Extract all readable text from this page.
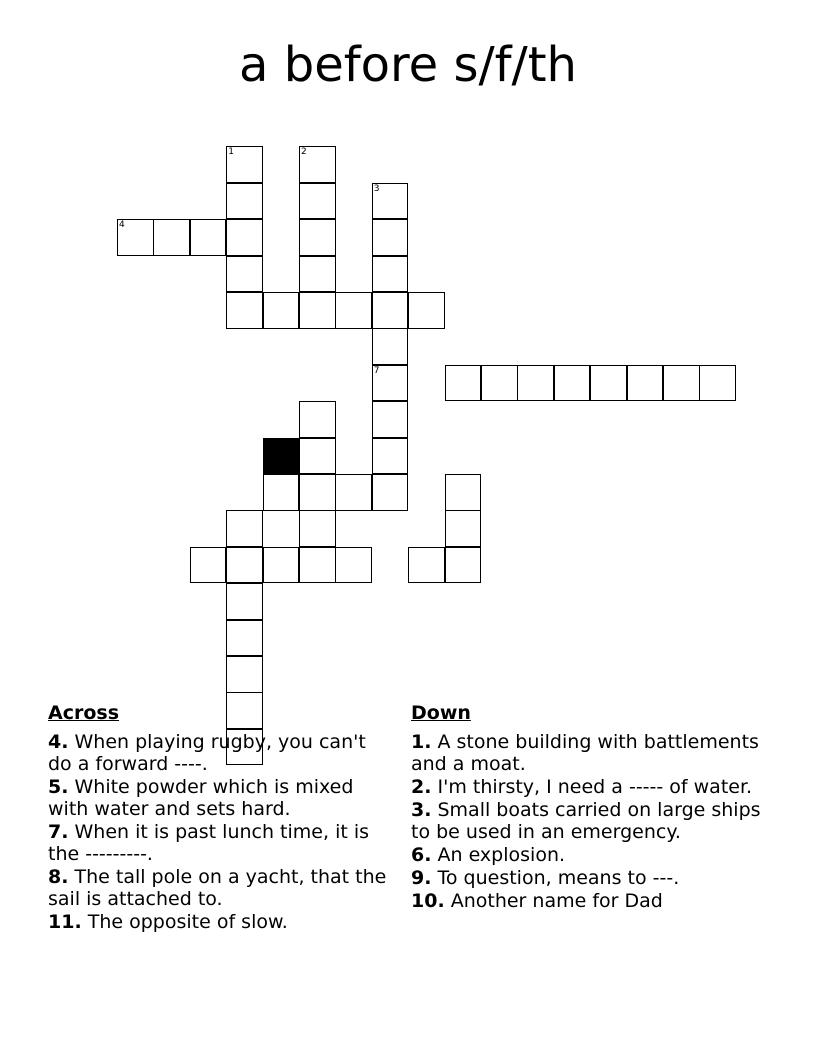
a before s/f/th
1	2
3
7
4
8
Across
4. When playing rugby, you can't do a forward ----.
5. White powder which is mixed with water and sets hard.
7. When it is past lunch time, it is the ---------.
8. The tall pole on a yacht, that the sail is attached to.
11. The opposite of slow.
Down
1. A stone building with battlements and a moat.
2. I'm thirsty, I need a ----- of water.
3. Small boats carried on large ships to be used in an emergency.
6. An explosion.
9. To question, means to ---.
10. Another name for Dad
